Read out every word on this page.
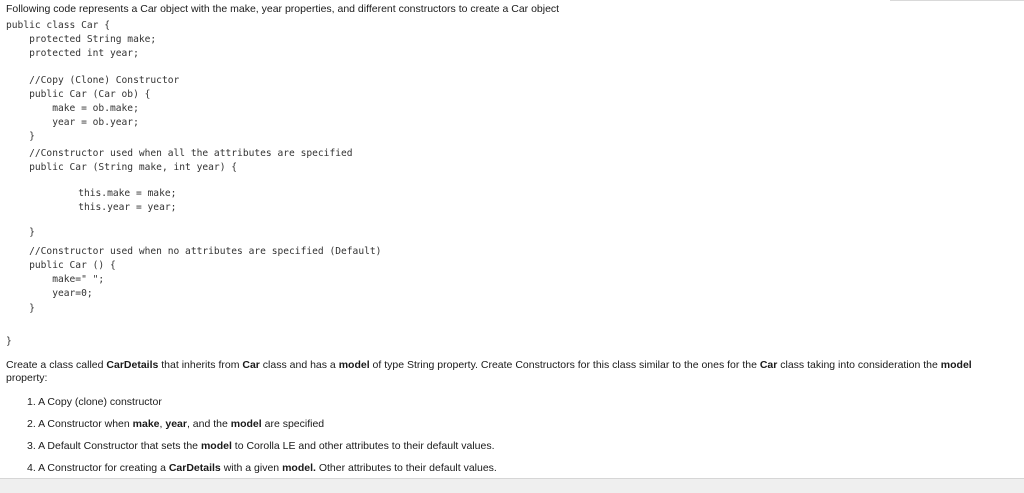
Following code represents a Car object with the make, year properties, and different constructors to create a Car object
public class Car {
protected String make;
protected int year;
//Copy (Clone) Constructor
public Car (Car ob) {
make = ob.make;
year = ob.year;
}
//Constructor used when all the attributes are specified
public Car (String make, int year) {
this.make = make;
this.year = year;
}
//Constructor used when no attributes are specified (Default)
public Car () {
make=" ";
year=0;
}
}
Create a class called CarDetails that inherits from Car class and has a model of type String property. Create Constructors for this class similar to the ones for the Car class taking into consideration the model property:
1. A Copy (clone) constructor
2. A Constructor when make, year, and the model are specified
3. A Default Constructor that sets the model to Corolla LE and other attributes to their default values.
4. A Constructor for creating a CarDetails with a given model. Other attributes to their default values.
